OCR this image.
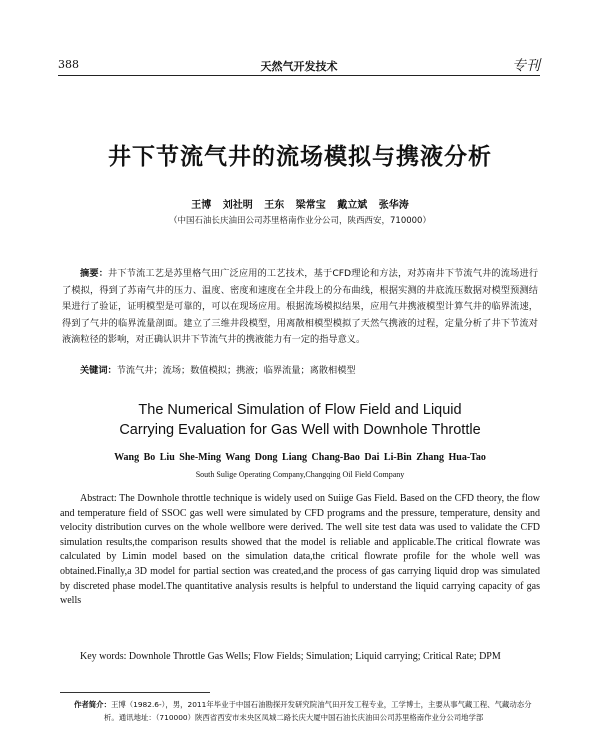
388	天然气开发技术	专刊
井下节流气井的流场模拟与携液分析
王博 刘社明 王东 梁常宝 戴立斌 张华涛
（中国石油长庆油田公司苏里格南作业分公司，陕西西安，710000）
摘要：井下节流工艺是苏里格气田广泛应用的工艺技术，基于CFD理论和方法，对苏南井下节流气井的流场进行了模拟，得到了苏南气井的压力、温度、密度和速度在全井段上的分布曲线，根据实测的井底流压数据对模型预测结果进行了验证，证明模型是可靠的，可以在现场应用。根据流场模拟结果，应用气井携液模型计算气井的临界流速，得到了气井的临界流量剖面。建立了三维井段模型，用离散相模型模拟了天然气携液的过程，定量分析了井下节流对液滴粒径的影响，对正确认识井下节流气井的携液能力有一定的指导意义。
关键词：节流气井；流场；数值模拟；携液；临界流量；离散相模型
The Numerical Simulation of Flow Field and Liquid
Carrying Evaluation for Gas Well with Downhole Throttle
Wang Bo Liu She-Ming Wang Dong Liang Chang-Bao Dai Li-Bin Zhang Hua-Tao
South Sulige Operating Company,Changqing Oil Field Company
Abstract: The Downhole throttle technique is widely used on Suiige Gas Field. Based on the CFD theory, the flow and temperature field of SSOC gas well were simulated by CFD programs and the pressure, temperature, density and velocity distribution curves on the whole wellbore were derived. The well site test data was used to validate the CFD simulation results,the comparison results showed that the model is reliable and applicable.The critical flowrate was calculated by Limin model based on the simulation data,the critical flowrate profile for the whole well was obtained.Finally,a 3D model for partial section was created,and the process of gas carrying liquid drop was simulated by discreted phase model.The quantitative analysis results is helpful to understand the liquid carrying capacity of gas wells
Key words: Downhole Throttle Gas Wells; Flow Fields; Simulation; Liquid carrying; Critical Rate; DPM
作者简介：王博（1982.6-），男，2011年毕业于中国石油勘探开发研究院油气田开发工程专业，工学博士，主要从事气藏工程、气藏动态分析。通讯地址：（710000）陕西省西安市未央区凤城二路长庆大厦中国石油长庆油田公司苏里格南作业分公司地学部
